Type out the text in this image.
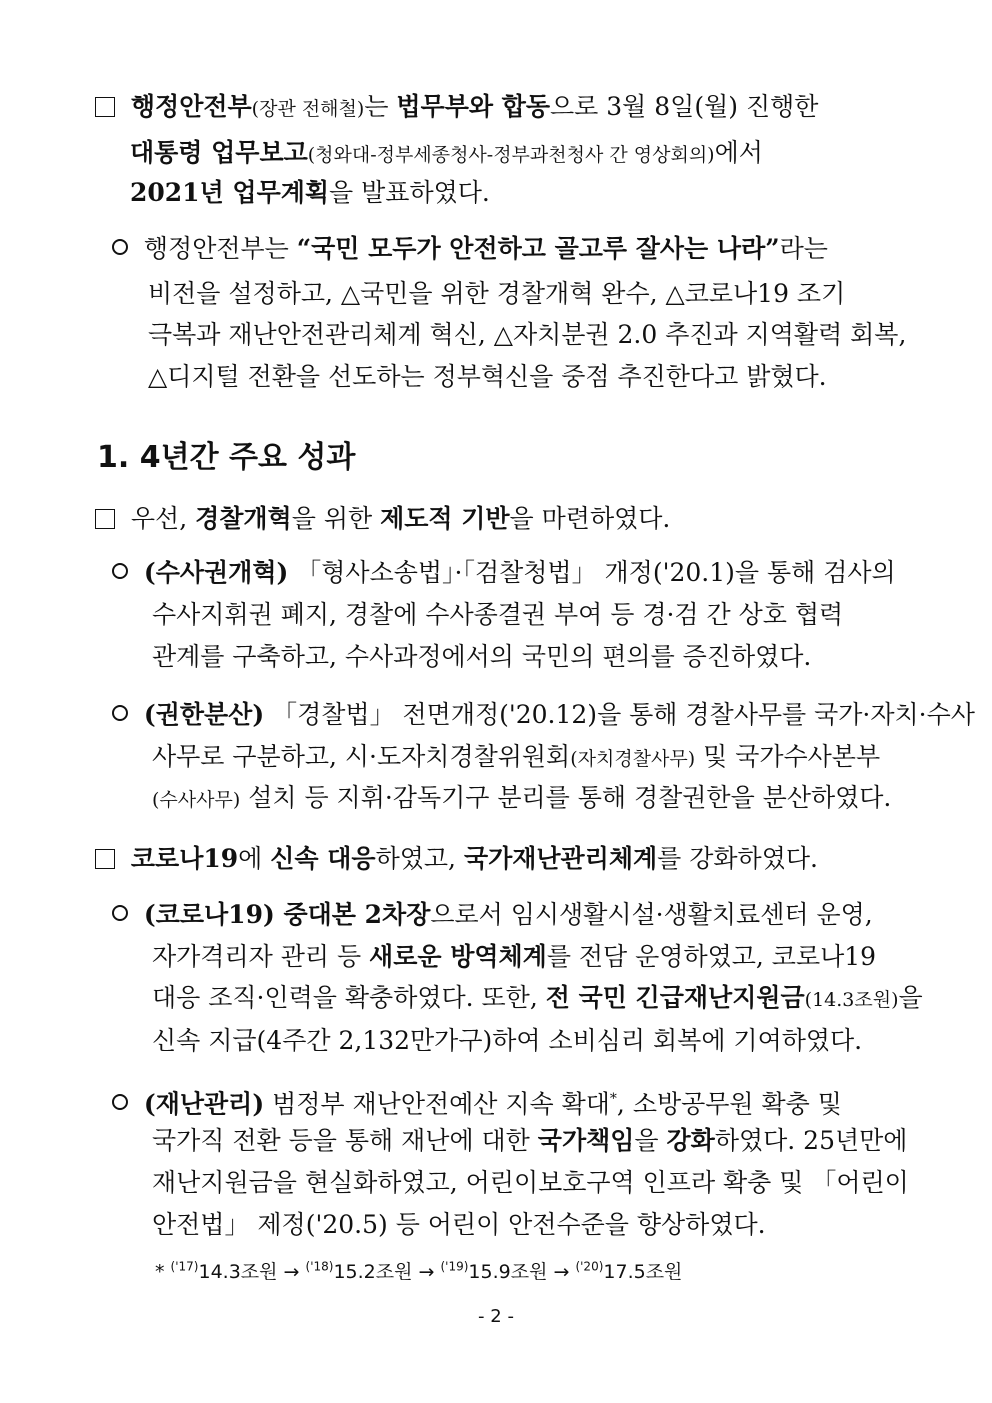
행정안전부(장관 전해철)는 법무부와 합동으로 3월 8일(월) 진행한
대통령 업무보고(청와대-정부세종청사-정부과천청사 간 영상회의)에서
2021년 업무계획을 발표하였다.
행정안전부는 “국민 모두가 안전하고 골고루 잘사는 나라”라는
비전을 설정하고, △국민을 위한 경찰개혁 완수, △코로나19 조기
극복과 재난안전관리체계 혁신, △자치분권 2.0 추진과 지역활력 회복,
△디지털 전환을 선도하는 정부혁신을 중점 추진한다고 밝혔다.
1. 4년간 주요 성과
우선, 경찰개혁을 위한 제도적 기반을 마련하였다.
(수사권개혁) 「형사소송법」·「검찰청법」 개정('20.1)을 통해 검사의
수사지휘권 폐지, 경찰에 수사종결권 부여 등 경·검 간 상호 협력
관계를 구축하고, 수사과정에서의 국민의 편의를 증진하였다.
(권한분산) 「경찰법」 전면개정('20.12)을 통해 경찰사무를 국가·자치·수사
사무로 구분하고, 시·도자치경찰위원회(자치경찰사무) 및 국가수사본부
(수사사무) 설치 등 지휘·감독기구 분리를 통해 경찰권한을 분산하였다.
코로나19에 신속 대응하였고, 국가재난관리체계를 강화하였다.
(코로나19) 중대본 2차장으로서 임시생활시설·생활치료센터 운영,
자가격리자 관리 등 새로운 방역체계를 전담 운영하였고, 코로나19
대응 조직·인력을 확충하였다. 또한, 전 국민 긴급재난지원금(14.3조원)을
신속 지급(4주간 2,132만가구)하여 소비심리 회복에 기여하였다.
(재난관리) 범정부 재난안전예산 지속 확대*, 소방공무원 확충 및
국가직 전환 등을 통해 재난에 대한 국가책임을 강화하였다. 25년만에
재난지원금을 현실화하였고, 어린이보호구역 인프라 확충 및 「어린이
안전법」 제정('20.5) 등 어린이 안전수준을 향상하였다.
* $^{('17)}$14.3조원 → $^{('18)}$15.2조원 → $^{('19)}$15.9조원 → $^{('20)}$17.5조원
- 2 -
